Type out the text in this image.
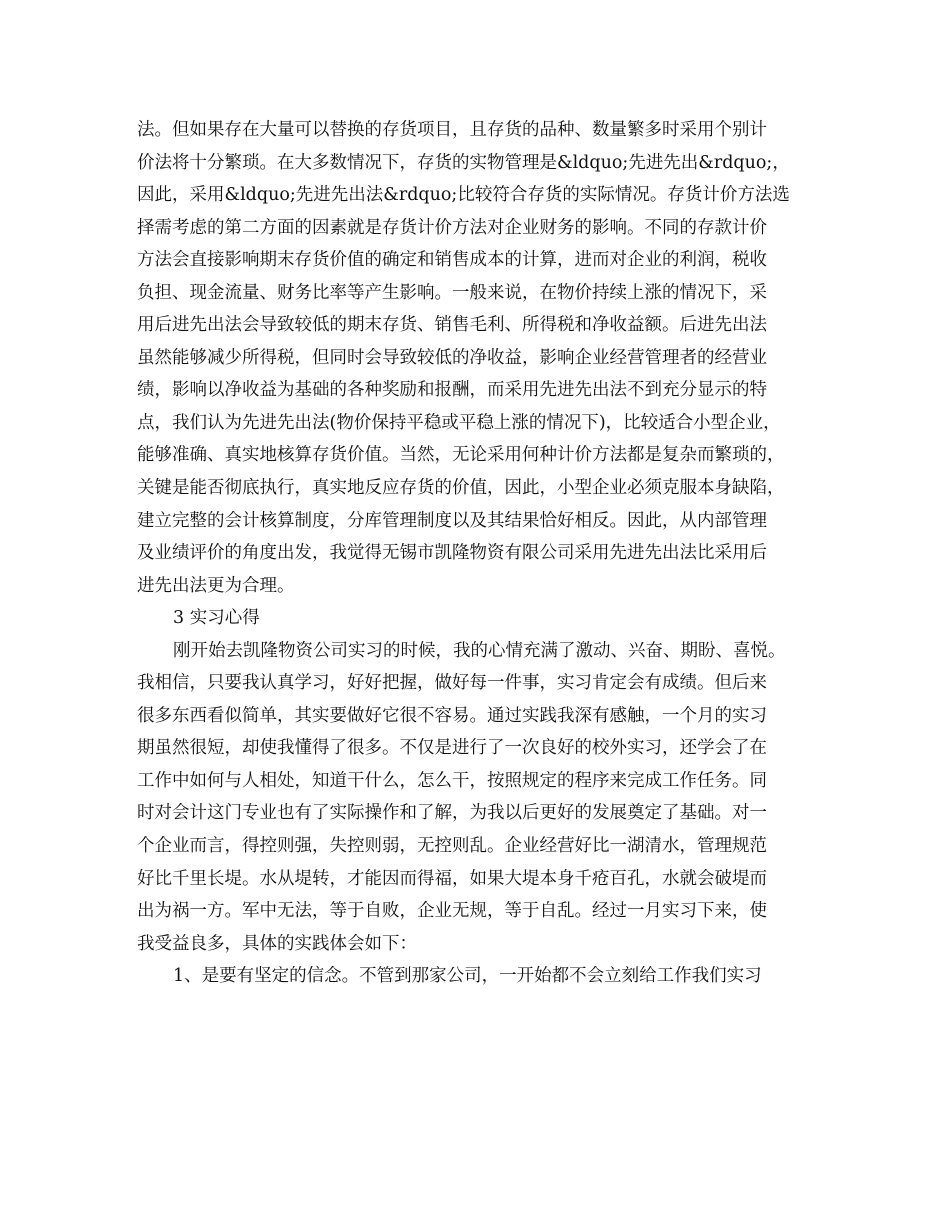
法。但如果存在大量可以替换的存货项目，且存货的品种、数量繁多时采用个别计
价法将十分繁琐。在大多数情况下，存货的实物管理是&ldquo;先进先出&rdquo;，
因此，采用&ldquo;先进先出法&rdquo;比较符合存货的实际情况。存货计价方法选
择需考虑的第二方面的因素就是存货计价方法对企业财务的影响。不同的存款计价
方法会直接影响期末存货价值的确定和销售成本的计算，进而对企业的利润，税收
负担、现金流量、财务比率等产生影响。一般来说，在物价持续上涨的情况下，采
用后进先出法会导致较低的期末存货、销售毛利、所得税和净收益额。后进先出法
虽然能够减少所得税，但同时会导致较低的净收益，影响企业经营管理者的经营业
绩，影响以净收益为基础的各种奖励和报酬，而采用先进先出法不到充分显示的特
点，我们认为先进先出法(物价保持平稳或平稳上涨的情况下)，比较适合小型企业，
能够准确、真实地核算存货价值。当然，无论采用何种计价方法都是复杂而繁琐的，
关键是能否彻底执行，真实地反应存货的价值，因此，小型企业必须克服本身缺陷，
建立完整的会计核算制度，分库管理制度以及其结果恰好相反。因此，从内部管理
及业绩评价的角度出发，我觉得无锡市凯隆物资有限公司采用先进先出法比采用后
进先出法更为合理。
3 实习心得
刚开始去凯隆物资公司实习的时候，我的心情充满了激动、兴奋、期盼、喜悦。
我相信，只要我认真学习，好好把握，做好每一件事，实习肯定会有成绩。但后来
很多东西看似简单，其实要做好它很不容易。通过实践我深有感触，一个月的实习
期虽然很短，却使我懂得了很多。不仅是进行了一次良好的校外实习，还学会了在
工作中如何与人相处，知道干什么，怎么干，按照规定的程序来完成工作任务。同
时对会计这门专业也有了实际操作和了解，为我以后更好的发展奠定了基础。对一
个企业而言，得控则强，失控则弱，无控则乱。企业经营好比一湖清水，管理规范
好比千里长堤。水从堤转，才能因而得福，如果大堤本身千疮百孔，水就会破堤而
出为祸一方。军中无法，等于自败，企业无规，等于自乱。经过一月实习下来，使
我受益良多，具体的实践体会如下：
1、是要有坚定的信念。不管到那家公司，一开始都不会立刻给工作我们实习
